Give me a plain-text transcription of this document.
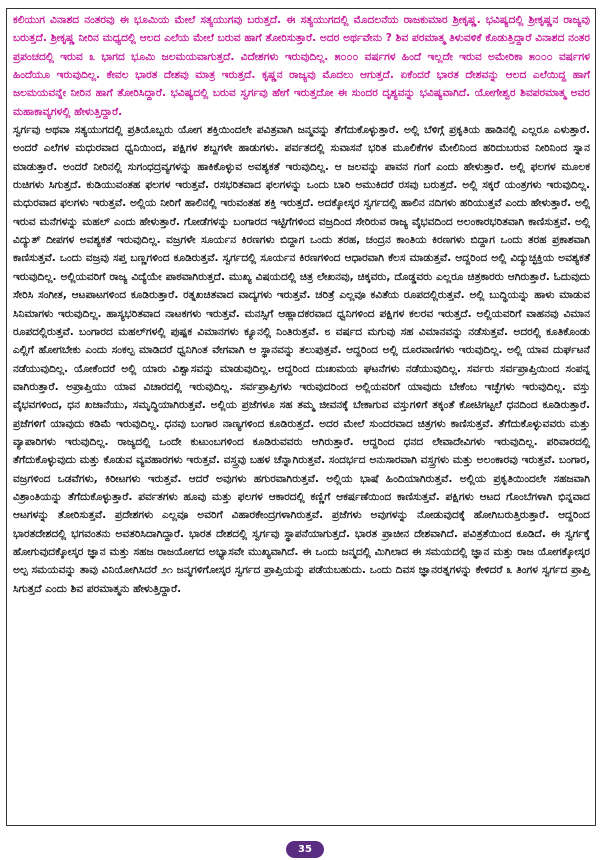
ಕಲಿಯುಗ ವಿನಾಶದ ನಂತರವು ಈ ಭೂಮಿಯ ಮೇಲೆ ಸತ್ಯಯುಗವು ಬರುತ್ತದೆ. ಈ ಸತ್ಯಯುಗದಲ್ಲಿ ಮೊದಲನೆಯ ರಾಜಕುಮಾರ ಶ್ರೀಕೃಷ್ಣ. ಭವಿಷ್ಯದಲ್ಲಿ ಶ್ರೀಕೃಷ್ಣನ ರಾಜ್ಯವು ಬರುತ್ತದೆ. ಶ್ರೀಕೃಷ್ಣ ನೀರಿನ ಮಧ್ಯದಲ್ಲಿ ಆಲದ ಎಲೆಯ ಮೇಲೆ ಬರುವ ಹಾಗೆ ತೋರಿಸುತ್ತಾರೆ. ಅದರ ಅರ್ಥವೇನು ? ಶಿವ ಪರಮಾತ್ಮ ತಿಳುವಳಿಕೆ ಕೊಡುತ್ತಿದ್ದಾರೆ ವಿನಾಶದ ನಂತರ ಪ್ರಪಂಚದಲ್ಲಿ ಇರುವ ೩ ಭಾಗದ ಭೂಮಿ ಜಲಮಯವಾಗುತ್ತದೆ. ವಿದೇಶಗಳು ಇರುವುದಿಲ್ಲ. ೫೦೦೦ ವರ್ಷಗಳ ಹಿಂದೆ ಇಲ್ಲದೇ ಇರುವ ಅಮೇರಿಕಾ ೫೦೦೦ ವರ್ಷಗಳ ಹಿಂದೆಯೂ ಇರುವುದಿಲ್ಲ. ಕೇವಲ ಭಾರತ ದೇಶವು ಮಾತ್ರ ಇರುತ್ತದೆ. ಕೃಷ್ಣನ ರಾಜ್ಯವು ಮೊದಲು ಆಗುತ್ತದೆ. ಏಕೆಂದರೆ ಭಾರತ ದೇಶವನ್ನು ಆಲದ ಎಲೆಯಿದ್ದ ಹಾಗೆ ಜಲಮಯವನ್ನೇ ನೀರಿನ ಹಾಗೆ ತೋರಿಸಿದ್ದಾರೆ. ಭವಿಷ್ಯದಲ್ಲಿ ಬರುವ ಸ್ವರ್ಗವು ಹೇಗೆ ಇರುತ್ತದೋ ಈ ಸುಂದರ ದೃಶ್ಯವನ್ನು ಭವಿಷ್ಯವಾಗಿದೆ. ಯೋಗೇಶ್ವರ ಶಿವಪರಮಾತ್ಮ ಅವರ ಮಹಾಕಾವ್ಯಗಳಲ್ಲಿ ಹೇಳುತ್ತಿದ್ದಾರೆ.

ಸ್ವರ್ಗವು ಅಥವಾ ಸತ್ಯಯುಗದಲ್ಲಿ ಪ್ರತಿಯೊಬ್ಬರು ಯೋಗ ಶಕ್ತಿಯಿಂದಲೇ ಪವಿತ್ರವಾಗಿ ಜನ್ಮವನ್ನು ತೆಗೆದುಕೊಳ್ಳುತ್ತಾರೆ. ಅಲ್ಲಿ ಬೆಳಿಗ್ಗೆ ಪ್ರಕೃತಿಯ ಹಾಡಿನಲ್ಲಿ ಎಲ್ಲರೂ ಎಳುತ್ತಾರೆ. ಅಂದರೆ ಎಲೆಗಳ ಮಧುರವಾದ ಧ್ವನಿಯಿಂದ, ಪಕ್ಷಿಗಳ ಶಬ್ದಗಳೇ ಹಾಡುಗಳು. ಪರ್ವತದಲ್ಲಿ ಸುವಾಸನೆ ಭರಿತ ಮೂಲಿಕೆಗಳ ಮೇಲಿನಿಂದ ಹರಿದುಬರುವ ನೀರಿನಿಂದ ಸ್ನಾನ ಮಾಡುತ್ತಾರೆ. ಅಂದರೆ ನೀರಿನಲ್ಲಿ ಸುಗಂಧದ್ರವ್ಯಗಳನ್ನು ಹಾಕಿಕೊಳ್ಳುವ ಅವಶ್ಯಕತೆ ಇರುವುದಿಲ್ಲ. ಆ ಜಲವನ್ನು ಪಾವನ ಗಂಗೆ ಎಂದು ಹೇಳುತ್ತಾರೆ. ಅಲ್ಲಿ ಫಲಗಳ ಮೂಲಕ ರುಚಿಗಳು ಸಿಗುತ್ತದೆ. ಕುಡಿಯುವಂತಹ ಫಲಗಳ ಇರುತ್ತವೆ. ರಸಭರಿತವಾದ ಫಲಗಳನ್ನು ಒಂದು ಬಾರಿ ಅಮುಕಿದರೆ ರಸವು ಬರುತ್ತದೆ. ಅಲ್ಲಿ ಸಕ್ಕರೆ ಯಂತ್ರಗಳು ಇರುವುದಿಲ್ಲ. ಮಧುರವಾದ ಫಲಗಳು ಇರುತ್ತವೆ. ಅಲ್ಲಿಯ ನೀರಿಗೆ ಹಾಲಿನಲ್ಲಿ ಇರುವಂತಹ ಶಕ್ತಿ ಇರುತ್ತದೆ. ಅದಕ್ಕೋಸ್ಕರ ಸ್ವರ್ಗದಲ್ಲಿ ಹಾಲಿನ ನದಿಗಳು ಹರಿಯುತ್ತವೆ ಎಂದು ಹೇಳುತ್ತಾರೆ. ಅಲ್ಲಿ ಇರುವ ಮನೆಗಳನ್ನು ಮಹಲ್ ಎಂದು ಹೇಳುತ್ತಾರೆ. ಗೋಡೆಗಳನ್ನು ಬಂಗಾರದ ಇಟ್ಟಿಗೆಗಳಿಂದ ವಜ್ರದಿಂದ ಸೇರಿರುವ ರಾಜ್ಯ ವೈಭವದಿಂದ ಅಲಂಕಾರಭರಿತವಾಗಿ ಕಾಣಿಸುತ್ತವೆ. ಅಲ್ಲಿ ವಿದ್ಯುತ್ ದೀಪಗಳ ಅವಶ್ಯಕತೆ ಇರುವುದಿಲ್ಲ. ವಜ್ರಗಳೇ ಸೂರ್ಯನ ಕಿರಣಗಳು ಬಿದ್ದಾಗ ಒಂದು ತರಹ, ಚಂದ್ರನ ಕಾಂತಿಯ ಕಿರಣಗಳು ಬಿದ್ದಾಗ ಒಂದು ತರಹ ಪ್ರಕಾಶವಾಗಿ ಕಾಣಿಸುತ್ತವೆ. ಒಂದು ವಜ್ರವು ಸಪ್ತ ಬಣ್ಣಗಳಿಂದ ಕೂಡಿರುತ್ತವೆ. ಸ್ವರ್ಗದಲ್ಲಿ ಸೂರ್ಯನ ಕಿರಣಗಳಿಂದ ಆಧಾರವಾಗಿ ಕೆಲಸ ಮಾಡುತ್ತವೆ. ಆದ್ದರಿಂದ ಅಲ್ಲಿ ವಿದ್ಯುಚ್ಛಕ್ತಿಯ ಅವಶ್ಯಕತೆ ಇರುವುದಿಲ್ಲ. ಅಲ್ಲಿಯವರಿಗೆ ರಾಜ್ಯ ವಿದ್ಯೆಯೇ ಪಾಠವಾಗಿರುತ್ತದೆ. ಮುಖ್ಯ ವಿಷಯದಲ್ಲಿ ಚಿತ್ರ ಲೇಖನವು, ಚಿಕ್ಕವರು, ದೊಡ್ಡವರು ಎಲ್ಲರೂ ಚಿತ್ರಕಾರರು ಆಗಿರುತ್ತಾರೆ. ಓದುವುದು ಸೇರಿಸಿ ಸಂಗೀತ, ಆಟಪಾಟಗಳಿಂದ ಕೂಡಿರುತ್ತಾರೆ. ರತ್ನಖಚಿತವಾದ ವಾದ್ಯಗಳು ಇರುತ್ತವೆ. ಚರಿತ್ರೆ ಎಲ್ಲವೂ ಕವಿತೆಯ ರೂಪದಲ್ಲಿರುತ್ತವೆ. ಅಲ್ಲಿ ಬುದ್ಧಿಯನ್ನು ಹಾಳು ಮಾಡುವ ಸಿನಿಮಾಗಳು ಇರುವುದಿಲ್ಲ. ಹಾಸ್ಯಭರಿತವಾದ ನಾಟಕಗಳು ಇರುತ್ತವೆ. ಮನಸ್ಸಿಗೆ ಆಹ್ಲಾದಕರವಾದ ಧ್ವನಿಗಳಿಂದ ಪಕ್ಷಿಗಳ ಕಲರವ ಇರುತ್ತದೆ. ಅಲ್ಲಿಯವರಿಗೆ ವಾಹನವು ವಿಮಾನ ರೂಪದಲ್ಲಿರುತ್ತವೆ. ಬಂಗಾರದ ಮಹಲ್‌ಗಳಲ್ಲಿ ಪುಷ್ಪಕ ವಿಮಾನಗಳು ಕ್ಯೂನಲ್ಲಿ ನಿಂತಿರುತ್ತವೆ. ೮ ವರ್ಷದ ಮಗುವು ಸಹ ವಿಮಾನವನ್ನು ನಡೆಸುತ್ತವೆ. ಅದರಲ್ಲಿ ಕೂತಿಕೊಂಡು ಎಲ್ಲಿಗೆ ಹೋಗಬೇಕು ಎಂದು ಸಂಕಲ್ಪ ಮಾಡಿದರೆ ಧ್ವನಿಗಿಂತ ವೇಗವಾಗಿ ಆ ಸ್ಥಾನವನ್ನು ತಲುಪುತ್ತವೆ. ಆದ್ದರಿಂದ ಅಲ್ಲಿ ದೂರವಾಣಿಗಳು ಇರುವುದಿಲ್ಲ. ಅಲ್ಲಿ ಯಾವ ದುರ್ಘಟನೆ ನಡೆಯುವುದಿಲ್ಲ. ಯೋಕೆಂದರೆ ಅಲ್ಲಿ ಯಾರು ವಿಶ್ವಾಸವನ್ನು ಮಾಡುವುದಿಲ್ಲ. ಆದ್ದರಿಂದ ದುಃಖಮಯ ಘಟನೆಗಳು ನಡೆಯುವುದಿಲ್ಲ. ಸರ್ವರು ಸರ್ವಪ್ರಾಪ್ತಿಯಿಂದ ಸಂಪನ್ನ ವಾಗಿರುತ್ತಾರೆ. ಅಪ್ರಾಪ್ತಿಯು ಯಾವ ವಿಚಾರದಲ್ಲಿ ಇರುವುದಿಲ್ಲ. ಸರ್ವಪ್ರಾಪ್ತಿಗಳು ಇರುವುದರಿಂದ ಅಲ್ಲಿಯವರಿಗೆ ಯಾವುದು ಬೇಕೆಂಬ ಇಚ್ಛೆಗಳು ಇರುವುದಿಲ್ಲ. ವಸ್ತು ವೈಭವಗಳಿಂದ, ಧನ ಖಜಾನೆಯು, ಸಮೃದ್ಧಿಯಾಗಿರುತ್ತವೆ. ಅಲ್ಲಿಯ ಪ್ರಜೆಗಳೂ ಸಹ ತಮ್ಮ ಜೀವನಕ್ಕೆ ಬೇಕಾಗುವ ವಸ್ತುಗಳಿಗೆ ತಕ್ಕಂತೆ ಕೋಟಿಗಟ್ಟಲೆ ಧನದಿಂದ ಕೂಡಿರುತ್ತಾರೆ. ಪ್ರಜೆಗಳಿಗೆ ಯಾವುದು ಕಡಿಮೆ ಇರುವುದಿಲ್ಲ. ಧನವು ಬಂಗಾರ ನಾಣ್ಯಗಳಿಂದ ಕೂಡಿರುತ್ತದೆ. ಅದರ ಮೇಲೆ ಸುಂದರವಾದ ಚಿತ್ರಗಳು ಕಾಣಿಸುತ್ತವೆ. ತೆಗೆದುಕೊಳ್ಳುವವರು ಮತ್ತು ವ್ಯಾಪಾರಿಗಳು ಇರುವುದಿಲ್ಲ. ರಾಜ್ಯದಲ್ಲಿ ಒಂದೇ ಕುಟುಂಬಗಳಿಂದ ಕೂಡಿರುವವರು ಆಗಿರುತ್ತಾರೆ. ಆದ್ದರಿಂದ ಧನದ ಲೇವಾದೇವಿಗಳು ಇರುವುದಿಲ್ಲ. ಪರಿವಾರದಲ್ಲಿ ತೆಗೆದುಕೊಳ್ಳುವುದು ಮತ್ತು ಕೊಡುವ ವ್ಯವಹಾರಗಳು ಇರುತ್ತವೆ. ವಸ್ತ್ರವು ಬಹಳ ಚೆನ್ನಾಗಿರುತ್ತವೆ. ಸಂದರ್ಭದ ಅನುಸಾರವಾಗಿ ವಸ್ತ್ರಗಳು ಮತ್ತು ಅಲಂಕಾರವು ಇರುತ್ತವೆ. ಬಂಗಾರ, ವಜ್ರಗಳಿಂದ ಒಡವೆಗಳು, ಕಿರೀಟಗಳು ಇರುತ್ತವೆ. ಆದರೆ ಅವುಗಳು ಹಗುರವಾಗಿರುತ್ತವೆ. ಅಲ್ಲಿಯ ಭಾಷೆ ಹಿಂದಿಯಾಗಿರುತ್ತವೆ. ಅಲ್ಲಿಯ ಪ್ರಕೃತಿಯಿಂದಲೇ ಸಹಜವಾಗಿ ವಿಶ್ರಾಂತಿಯನ್ನು ತೆಗೆದುಕೊಳ್ಳುತ್ತಾರೆ. ಪರ್ವತಗಳು ಹೂವು ಮತ್ತು ಫಲಗಳ ಆಕಾರದಲ್ಲಿ ಕಣ್ಣಿಗೆ ಆಕರ್ಷಣೆಯಿಂದ ಕಾಣಿಸುತ್ತವೆ. ಪಕ್ಷಿಗಳು ಆಟದ ಗೊಂಬೆಗಳಾಗಿ ಭಿನ್ನವಾದ ಆಟಗಳನ್ನು ತೋರಿಸುತ್ತವೆ. ಪ್ರದೇಶಗಳು ಎಲ್ಲವೂ ಅವರಿಗೆ ವಿಹಾರಕೇಂದ್ರಗಳಾಗಿರುತ್ತವೆ. ಪ್ರಜೆಗಳು ಅವುಗಳನ್ನು ನೋಡುವುದಕ್ಕೆ ಹೋಗಿಬರುತ್ತಿರುತ್ತಾರೆ. ಆದ್ದರಿಂದ ಭಾರತದೇಶದಲ್ಲಿ ಭಗವಂತನು ಅವತರಿಸಿದಾಗಿದ್ದಾರೆ. ಭಾರತ ದೇಶದಲ್ಲಿ ಸ್ವರ್ಗವು ಸ್ಥಾಪನೆಯಾಗುತ್ತದೆ. ಭಾರತ ಪ್ರಾಚೀನ ದೇಶವಾಗಿದೆ. ಪವಿತ್ರತೆಯಿಂದ ಕೂಡಿದೆ. ಈ ಸ್ವರ್ಗಕ್ಕೆ ಹೋಗುವುದಕ್ಕೋಸ್ಕರ ಜ್ಞಾನ ಮತ್ತು ಸಹಜ ರಾಜಯೋಗದ ಅಭ್ಯಾಸವೇ ಮುಖ್ಯವಾಗಿದೆ. ಈ ಒಂದು ಜನ್ಮದಲ್ಲಿ ಮಿಗಿಲಾದ ಈ ಸಮಯದಲ್ಲಿ ಜ್ಞಾನ ಮತ್ತು ರಾಜ ಯೋಗಕ್ಕೋಸ್ಕರ ಅಲ್ಪ ಸಮಯವನ್ನು ತಾವು ವಿನಿಯೋಗಿಸಿದರೆ ೨೧ ಜನ್ಮಗಳಿಗೋಸ್ಕರ ಸ್ವರ್ಗದ ಪ್ರಾಪ್ತಿಯನ್ನು ಪಡೆಯಬಹುದು. ಒಂದು ದಿವಸ ಜ್ಞಾನರತ್ನಗಳನ್ನು ಕೇಳಿದರೆ ೩ ತಿಂಗಳ ಸ್ವರ್ಗದ ಪ್ರಾಪ್ತಿ ಸಿಗುತ್ತದೆ ಎಂದು ಶಿವ ಪರಮಾತ್ಮನು ಹೇಳುತ್ತಿದ್ದಾರೆ.

35
